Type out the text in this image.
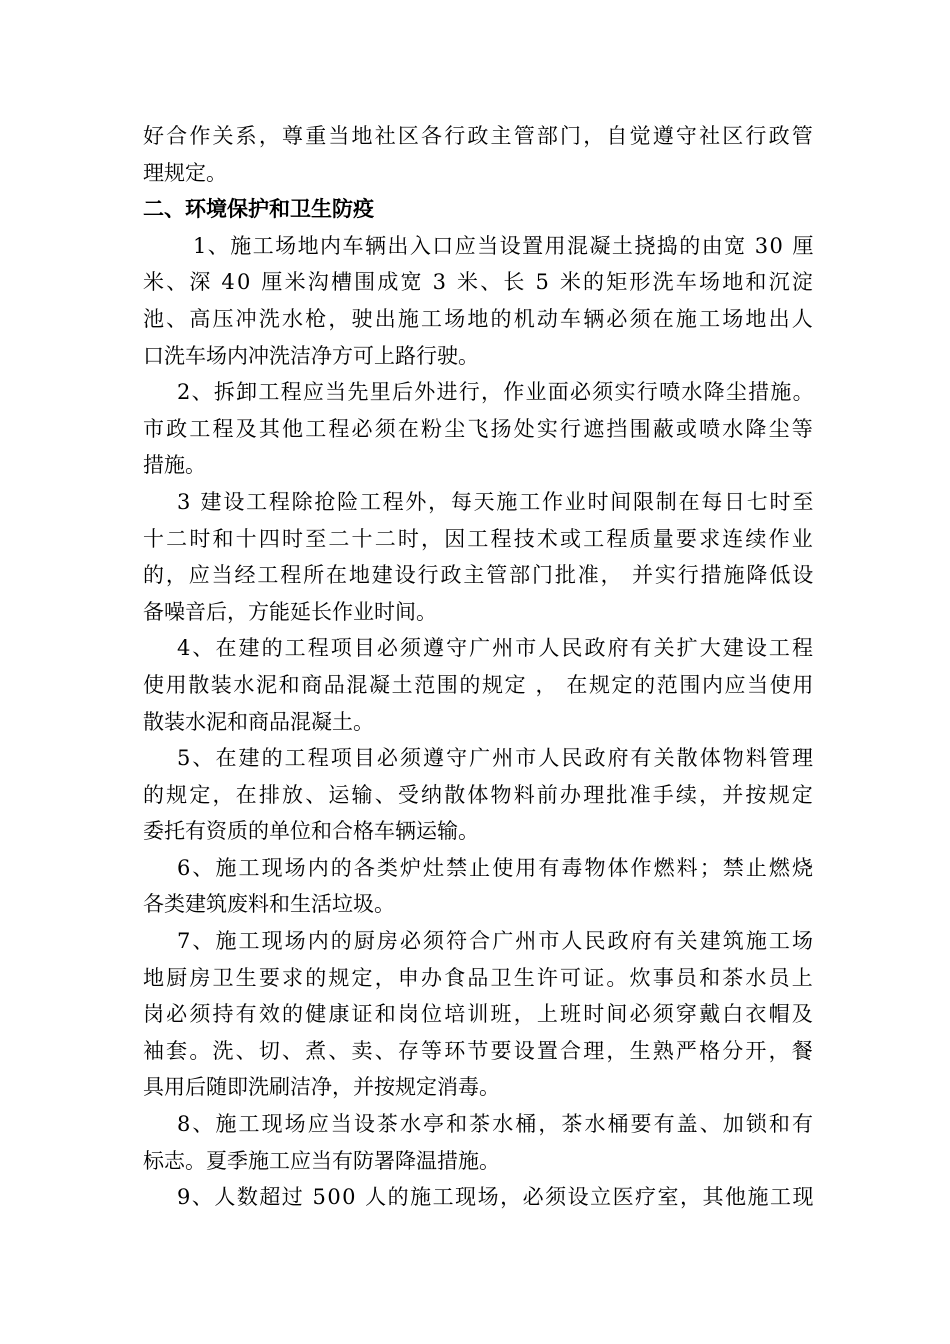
好合作关系，尊重当地社区各行政主管部门，自觉遵守社区行政管
理规定。
二、环境保护和卫生防疫
1、施工场地内车辆出入口应当设置用混凝土挠捣的由宽 30 厘
米、深 40 厘米沟槽围成宽 3 米、长 5 米的矩形洗车场地和沉淀
池、高压冲洗水枪，驶出施工场地的机动车辆必须在施工场地出人
口洗车场内冲洗洁净方可上路行驶。
2、拆卸工程应当先里后外进行，作业面必须实行喷水降尘措施。
市政工程及其他工程必须在粉尘飞扬处实行遮挡围蔽或喷水降尘等
措施。
3 建设工程除抢险工程外，每天施工作业时间限制在每日七时至
十二时和十四时至二十二时，因工程技术或工程质量要求连续作业
的，应当经工程所在地建设行政主管部门批准， 并实行措施降低设
备噪音后，方能延长作业时间。
4、在建的工程项目必须遵守广州市人民政府有关扩大建设工程
使用散装水泥和商品混凝土范围的规定 ， 在规定的范围内应当使用
散装水泥和商品混凝土。
5、在建的工程项目必须遵守广州市人民政府有关散体物料管理
的规定，在排放、运输、受纳散体物料前办理批准手续，并按规定
委托有资质的单位和合格车辆运输。
6、施工现场内的各类炉灶禁止使用有毒物体作燃料；禁止燃烧
各类建筑废料和生活垃圾。
7、施工现场内的厨房必须符合广州市人民政府有关建筑施工场
地厨房卫生要求的规定，申办食品卫生许可证。炊事员和茶水员上
岗必须持有效的健康证和岗位培训班，上班时间必须穿戴白衣帽及
袖套。洗、切、煮、卖、存等环节要设置合理，生熟严格分开，餐
具用后随即洗刷洁净，并按规定消毒。
8、施工现场应当设茶水亭和茶水桶，茶水桶要有盖、加锁和有
标志。夏季施工应当有防署降温措施。
9、人数超过 500 人的施工现场，必须设立医疗室，其他施工现
